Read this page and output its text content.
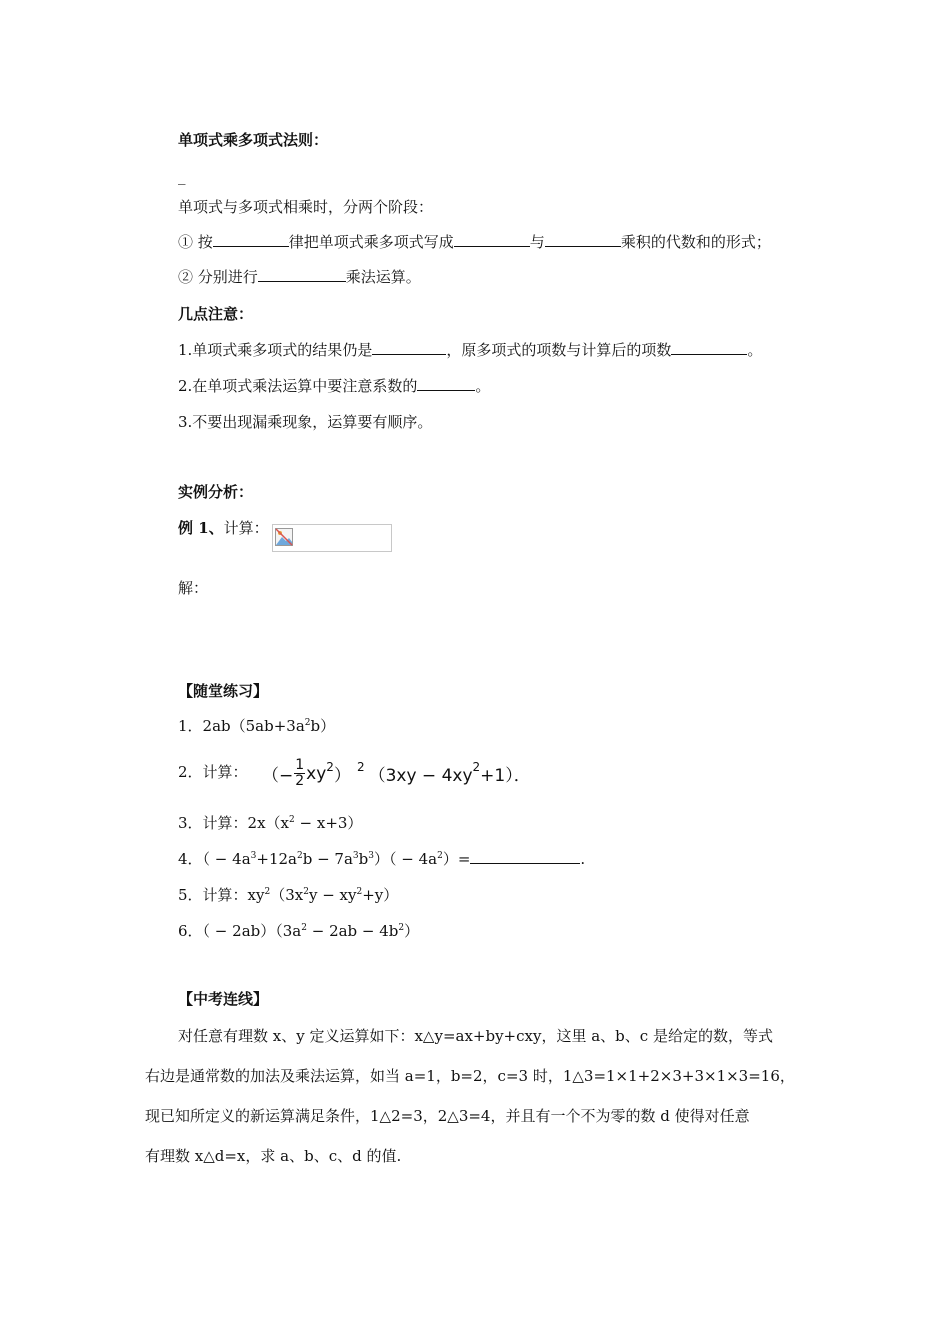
单项式乘多项式法则：
_
单项式与多项式相乘时，分两个阶段：
① 按	律把单项式乘多项式写成	与	乘积的代数和的形式；
② 分别进行	乘法运算。
几点注意：
1.单项式乘多项式的结果仍是	，原多项式的项数与计算后的项数	。
2.在单项式乘法运算中要注意系数的	。
3.不要出现漏乘现象，运算要有顺序。
实例分析：
例 1、计算：
解：
【随堂练习】
1．$2ab(5ab+3a^2b)$
2．计算： （− $\frac{1}{2} xy2$） 2 （3xy − 4xy2+1）．
3．计算：$2x(x^2 - x+3)$
4．（ − $4a^3+12a^2b - 7a^3b^3)( - 4a^2)=$	.
5．计算：$xy^2(3x^2y - xy^2+y)$
6．（ − $2ab)(3a^2 - 2ab - 4b^2)$
【中考连线】
对任意有理数 x、y 定义运算如下：x△y=ax+by+cxy，这里 a、b、c 是给定的数，等式
右边是通常数的加法及乘法运算，如当 a=1，b=2，c=3 时，1△3=1×1+2×3+3×1×3=16，
现已知所定义的新运算满足条件，1△2=3，2△3=4，并且有一个不为零的数 d 使得对任意
有理数 x△d=x，求 a、b、c、d 的值.
